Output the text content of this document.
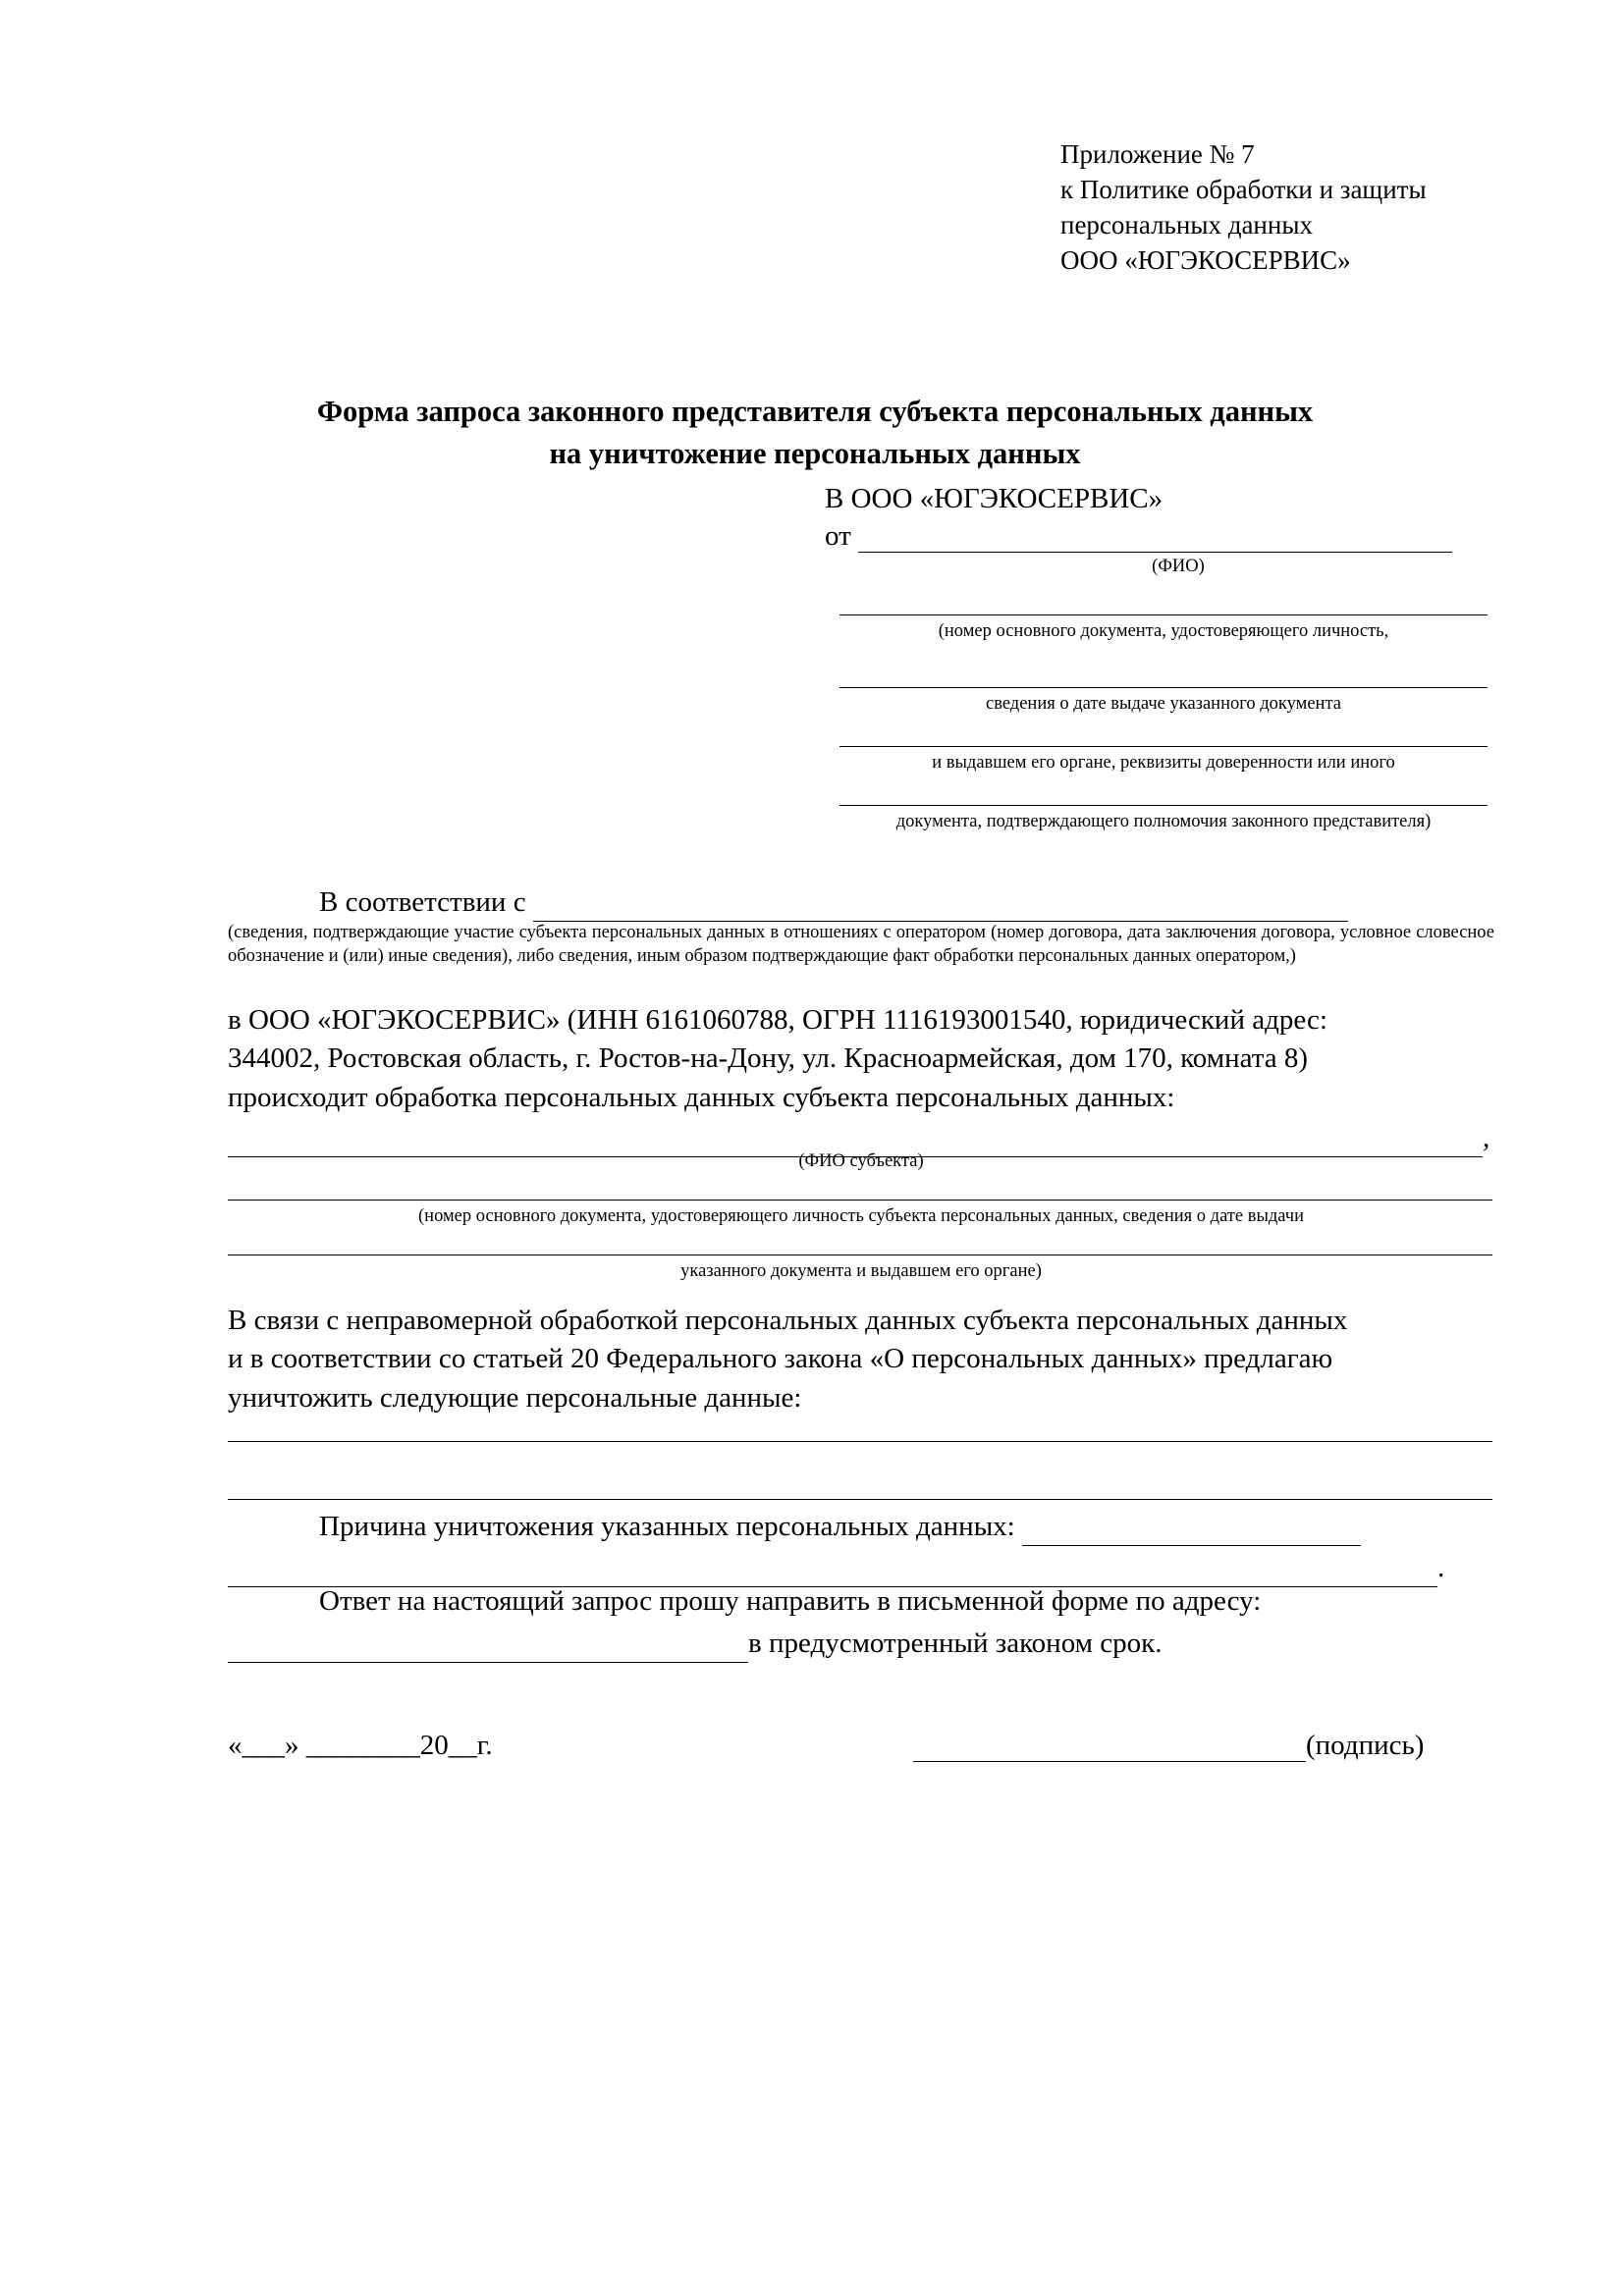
Приложение № 7
к Политике обработки и защиты
персональных данных
ООО «ЮГЭКОСЕРВИС»
Форма запроса законного представителя субъекта персональных данных
на уничтожение персональных данных
В ООО «ЮГЭКОСЕРВИС»
от
(ФИО)
(номер основного документа, удостоверяющего личность,
сведения о дате выдаче указанного документа
и выдавшем его органе, реквизиты доверенности или иного
документа, подтверждающего полномочия законного представителя)
В соответствии с
(сведения, подтверждающие участие субъекта персональных данных в отношениях с оператором (номер договора, дата заключения договора, условное словесное обозначение и (или) иные сведения), либо сведения, иным образом подтверждающие факт обработки персональных данных оператором,)
в ООО «ЮГЭКОСЕРВИС» (ИНН 6161060788, ОГРН 1116193001540, юридический адрес:
344002, Ростовская область, г. Ростов-на-Дону, ул. Красноармейская, дом 170, комната 8)
происходит обработка персональных данных субъекта персональных данных:
,
(ФИО субъекта)
(номер основного документа, удостоверяющего личность субъекта персональных данных, сведения о дате выдачи
указанного документа и выдавшем его органе)
В связи с неправомерной обработкой персональных данных субъекта персональных данных
и в соответствии со статьей 20 Федерального закона «О персональных данных» предлагаю
уничтожить следующие персональные данные:
Причина уничтожения указанных персональных данных:
.
Ответ на настоящий запрос прошу направить в письменной форме по адресу:
в предусмотренный законом срок.
«___» ________20__г.	(подпись)
